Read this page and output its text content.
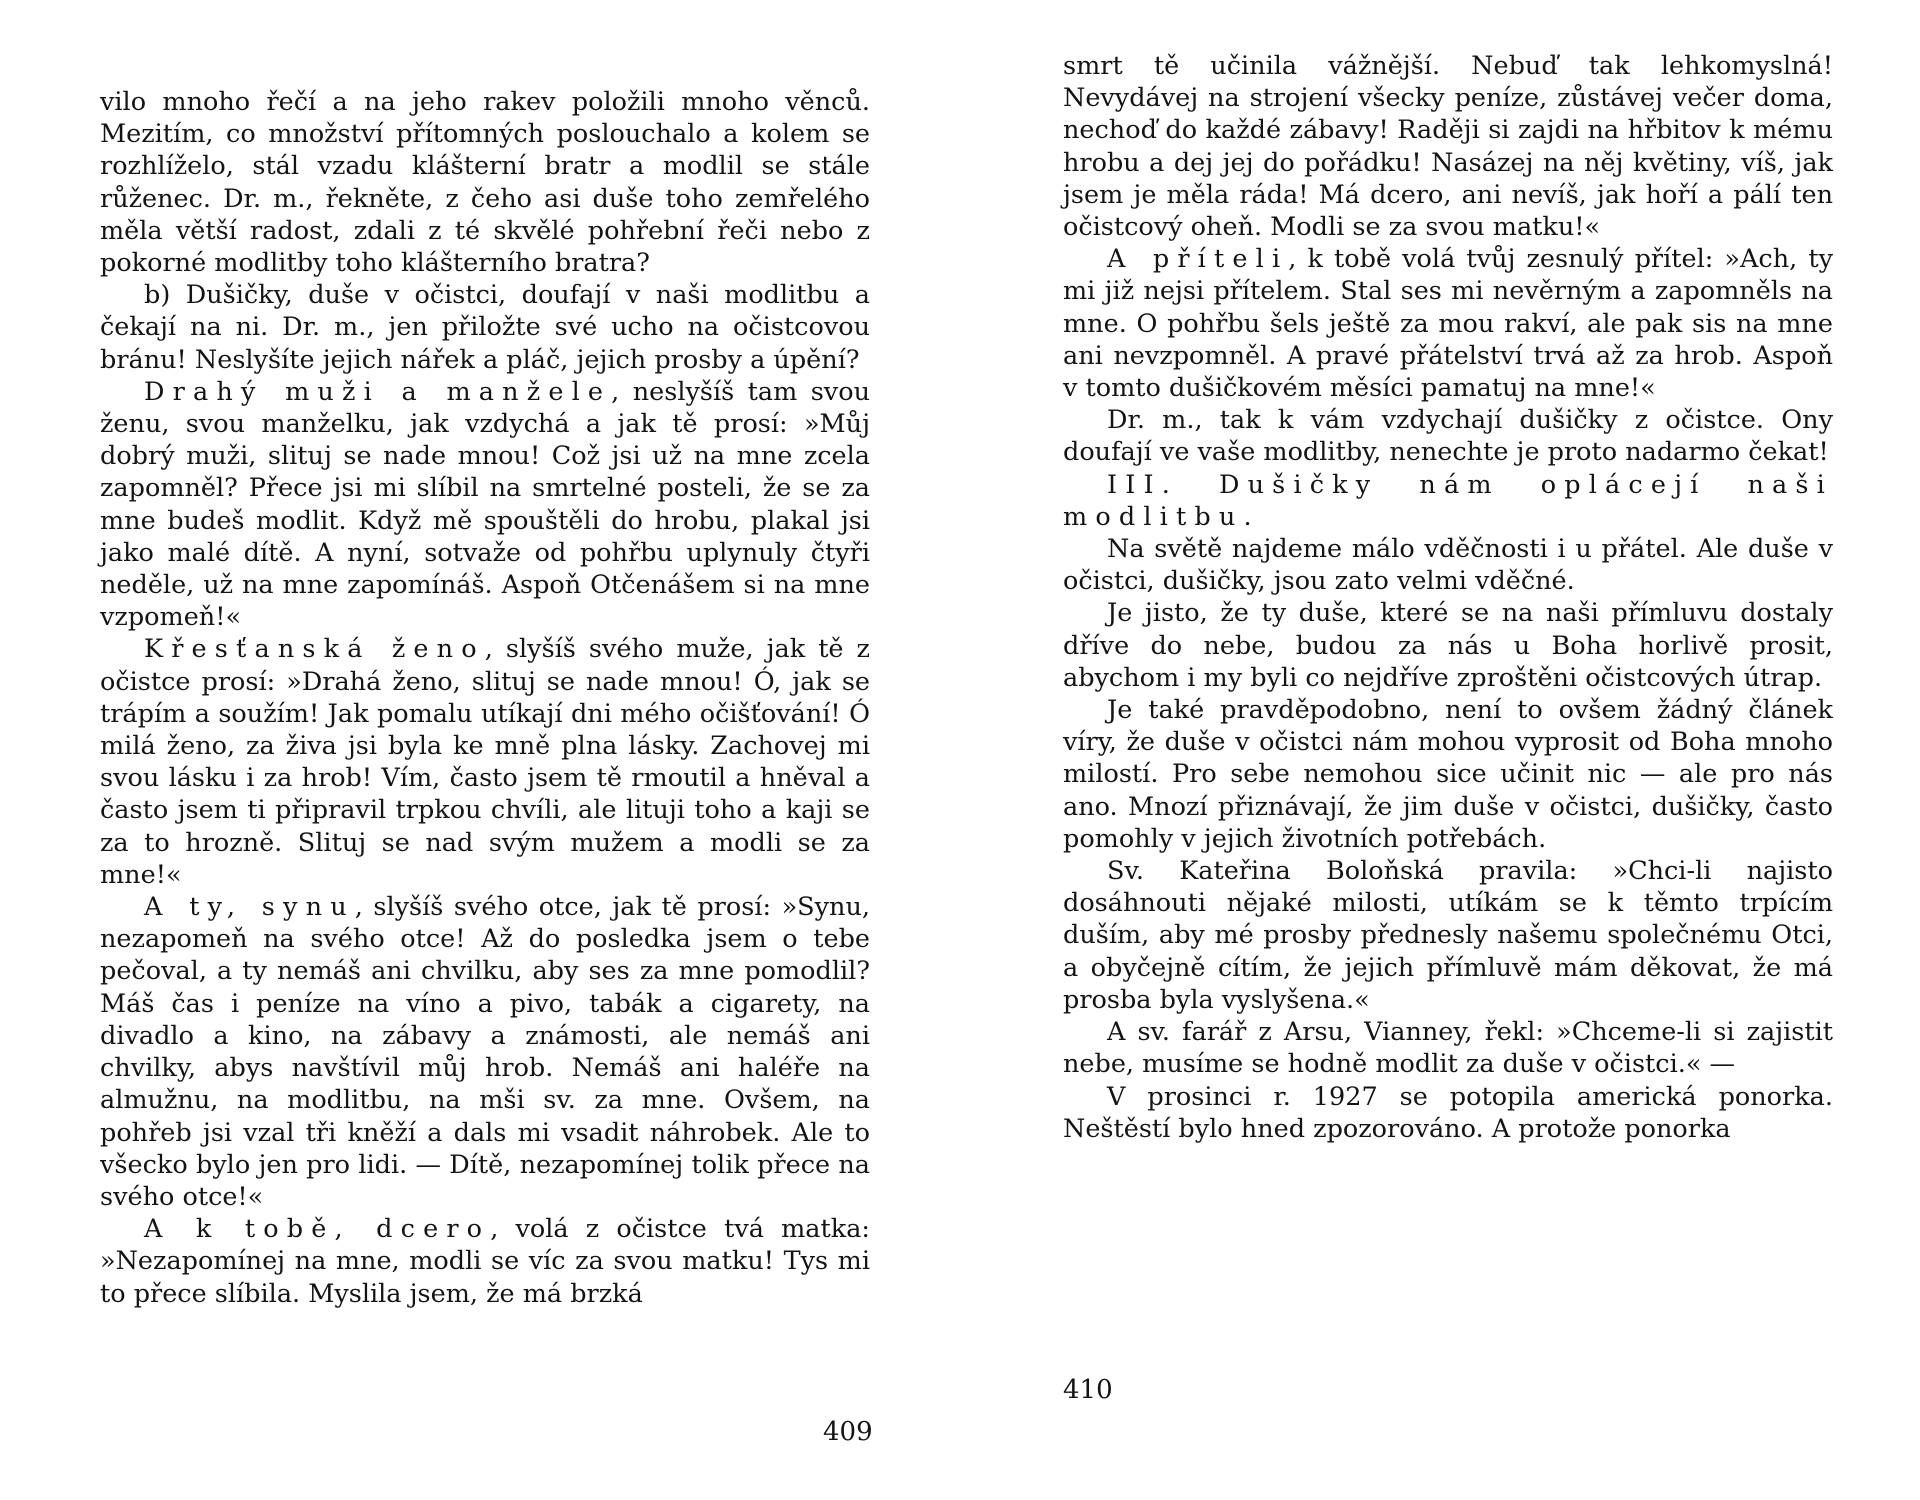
vilo mnoho řečí a na jeho rakev položili mnoho věnců. Mezitím, co množství přítomných poslouchalo a kolem se rozhlíželo, stál vzadu klášterní bratr a modlil se stále růženec. Dr. m., řekněte, z čeho asi duše toho zemřelého měla větší radost, zdali z té skvělé pohřební řeči nebo z pokorné modlitby toho klášterního bratra?

b) Dušičky, duše v očistci, doufají v naši modlitbu a čekají na ni. Dr. m., jen přiložte své ucho na očistcovou bránu! Neslyšíte jejich nářek a pláč, jejich prosby a úpění?

Drahý muži a manžele, neslyšíš tam svou ženu, svou manželku, jak vzdychá a jak tě prosí: »Můj dobrý muži, slituj se nade mnou! Což jsi už na mne zcela zapomněl? Přece jsi mi slíbil na smrtelné posteli, že se za mne budeš modlit. Když mě spouštěli do hrobu, plakal jsi jako malé dítě. A nyní, sotvaže od pohřbu uplynuly čtyři neděle, už na mne zapomínáš. Aspoň Otčenášem si na mne vzpomeň!«

Křesťanská ženo, slyšíš svého muže, jak tě z očistce prosí: »Drahá ženo, slituj se nade mnou! Ó, jak se trápím a soužím! Jak pomalu utíkají dni mého očišťování! Ó milá ženo, za živa jsi byla ke mně plna lásky. Zachovej mi svou lásku i za hrob! Vím, často jsem tě rmoutil a hněval a často jsem ti připravil trpkou chvíli, ale lituji toho a kaji se za to hrozně. Slituj se nad svým mužem a modli se za mne!«

A ty, synu, slyšíš svého otce, jak tě prosí: »Synu, nezapomeň na svého otce! Až do posledka jsem o tebe pečoval, a ty nemáš ani chvilku, aby ses za mne pomodlil? Máš čas i peníze na víno a pivo, tabák a cigarety, na divadlo a kino, na zábavy a známosti, ale nemáš ani chvilky, abys navštívil můj hrob. Nemáš ani haléře na almužnu, na modlitbu, na mši sv. za mne. Ovšem, na pohřeb jsi vzal tři kněží a dals mi vsadit náhrobek. Ale to všecko bylo jen pro lidi. — Dítě, nezapomínej tolik přece na svého otce!«

A k tobě, dcero, volá z očistce tvá matka: »Nezapomínej na mne, modli se víc za svou matku! Tys mi to přece slíbila. Myslila jsem, že má brzká

409

smrt tě učinila vážnější. Nebuď tak lehkomyslná! Nevydávej na strojení všecky peníze, zůstávej večer doma, nechoď do každé zábavy! Raději si zajdi na hřbitov k mému hrobu a dej jej do pořádku! Nasázej na něj květiny, víš, jak jsem je měla ráda! Má dcero, ani nevíš, jak hoří a pálí ten očistcový oheň. Modli se za svou matku!«

A příteli, k tobě volá tvůj zesnulý přítel: »Ach, ty mi již nejsi přítelem. Stal ses mi nevěrným a zapomněls na mne. O pohřbu šels ještě za mou rakví, ale pak sis na mne ani nevzpomněl. A pravé přátelství trvá až za hrob. Aspoň v tomto dušičkovém měsíci pamatuj na mne!«

Dr. m., tak k vám vzdychají dušičky z očistce. Ony doufají ve vaše modlitby, nenechte je proto nadarmo čekat!

III. Dušičky nám oplácejí naši modlitbu.

Na světě najdeme málo vděčnosti i u přátel. Ale duše v očistci, dušičky, jsou zato velmi vděčné.

Je jisto, že ty duše, které se na naši přímluvu dostaly dříve do nebe, budou za nás u Boha horlivě prosit, abychom i my byli co nejdříve zproštěni očistcových útrap.

Je také pravděpodobno, není to ovšem žádný článek víry, že duše v očistci nám mohou vyprosit od Boha mnoho milostí. Pro sebe nemohou sice učinit nic — ale pro nás ano. Mnozí přiznávají, že jim duše v očistci, dušičky, často pomohly v jejich životních potřebách.

Sv. Kateřina Boloňská pravila: »Chci-li najisto dosáhnouti nějaké milosti, utíkám se k těmto trpícím duším, aby mé prosby přednesly našemu společnému Otci, a obyčejně cítím, že jejich přímluvě mám děkovat, že má prosba byla vyslyšena.«

A sv. farář z Arsu, Vianney, řekl: »Chceme-li si zajistit nebe, musíme se hodně modlit za duše v očistci.« —

V prosinci r. 1927 se potopila americká ponorka. Neštěstí bylo hned zpozorováno. A protože ponorka

410
